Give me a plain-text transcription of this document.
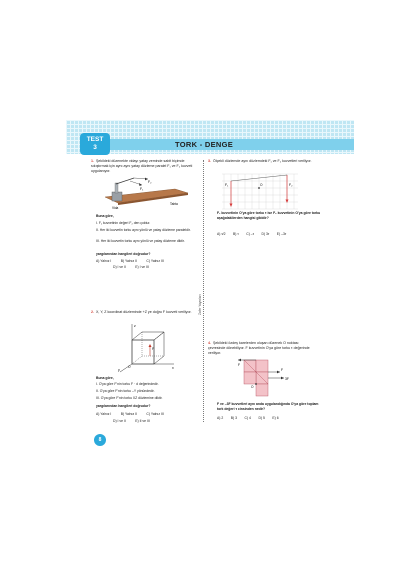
TORK - DENGE
TEST
3
Zafer Yayınları
1. Şekildeki düzenekte vidayı yatay zeminde sabit biçimde sıkıştırmak için aynı aynı yatay düzleme paralel F₁ ve F₂ kuvveti uygulanıyor.
F₁
F₂
Vida
Tahta
Buna göre,
I. F₁ kuvvetinin değeri F₂ den çoktur.
II. Her iki kuvvetin torku aynı yönlü ve yatay düzleme paraleldir.
III. Her iki kuvvetin torku aynı yönlü ve yatay düzleme diktir.
yargılarından hangileri doğrudur?
A) Yalnız I          B) Yalnız II          C) Yalnız III
D) I ve II          E) I ve III
2. X, Y, Z koordinat düzleminde +Z ye doğru F kuvveti veriliyor.
z
x
y
O
F
Buna göre,
I. O'ya göre F'nin torku F · d değerindedir.
II. O'ya göre F'nin torku –Y yönündedir.
III. O'ya göre F'nin torku XZ düzlemine diktir.
yargılarından hangileri doğrudur?
A) Yalnız I          B) Yalnız II          C) Yalnız III
D) I ve II          E) II ve III
3. Ölçekli düzlemde aynı düzlemdeki F₁ ve F₂ kuvvetleri veriliyor.
F₁	F₂
O
F₁ kuvvetinin O'ya göre torku τ ise F₂ kuvvetinin O'ya göre torku aşağıdakilerden hangisi gibidir?
A) τ/2        B) τ        C) –τ        D) 3τ        E) –3τ
4. Şekildeki özdeş karelerden oluşan düzenek O noktası çevresinde dönebiliyor. F kuvvetinin O'ya göre torku τ değerinde veriliyor.
F
F
3F
O
F ve –3F kuvvetleri aynı anda uygulandığında O'ya göre toplam tork değeri τ cinsinden nedir?
A) 2        B) 3        C) 4        D) 5        E) 6
8
